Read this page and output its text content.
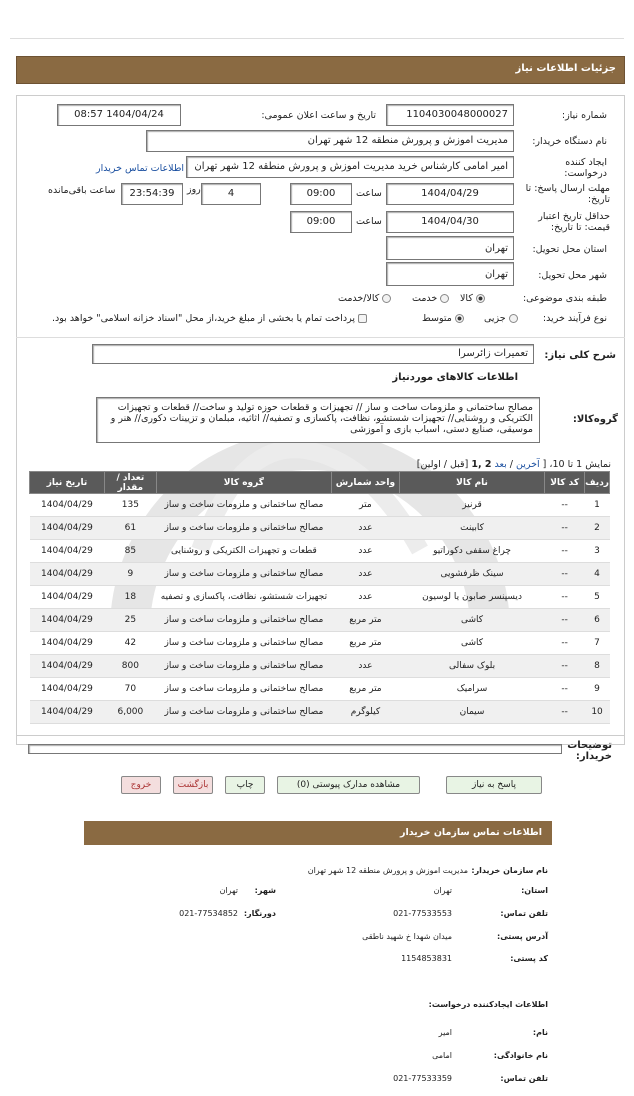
جزئیات اطلاعات نیاز
شماره نیاز:
1104030048000027
تاریخ و ساعت اعلان عمومی:
1404/04/24 08:57
نام دستگاه خریدار:
مدیریت اموزش و پرورش منطقه 12 شهر تهران
ایجاد کننده درخواست:
امیر امامی کارشناس خرید مدیریت اموزش و پرورش منطقه 12 شهر تهران
اطلاعات تماس خریدار
مهلت ارسال پاسخ: تا تاریخ:
1404/04/29
ساعت
09:00
4
روز
23:54:39
ساعت باقی‌مانده
حداقل تاریخ اعتبار قیمت: تا تاریخ:
1404/04/30
ساعت
09:00
استان محل تحویل:
تهران
شهر محل تحویل:
تهران
طبقه بندی موضوعی:
کالا
خدمت
کالا/خدمت
نوع فرآیند خرید:
جزیی
متوسط
پرداخت تمام یا بخشی از مبلغ خرید،از محل "اسناد خزانه اسلامی" خواهد بود.
شرح کلی نیاز:
تعمیرات زائرسرا
اطلاعات کالاهای موردنیاز
گروه‌کالا:
مصالح ساختمانی و ملزومات ساخت و ساز // تجهیزات و قطعات حوزه تولید و ساخت// قطعات و تجهیزات الکتریکی و روشنایی// تجهیزات شستشو، نظافت، پاکسازی و تصفیه// اثاثیه، مبلمان و تزیینات دکوری// هنر و موسیقی، صنایع دستی، اسباب بازی و آموزشی
نمایش 1 تا 10، [ آخرین / بعد 2 ,1 [قبل / اولین]
ردیف	کد کالا	نام کالا	واحد شمارش	گروه کالا	تعداد / مقدار	تاریخ نیاز
1	--	قرنیز	متر	مصالح ساختمانی و ملزومات ساخت و ساز	135	1404/04/29
2	--	کابینت	عدد	مصالح ساختمانی و ملزومات ساخت و ساز	61	1404/04/29
3	--	چراغ سقفی دکوراتیو	عدد	قطعات و تجهیزات الکتریکی و روشنایی	85	1404/04/29
4	--	سینک ظرفشویی	عدد	مصالح ساختمانی و ملزومات ساخت و ساز	9	1404/04/29
5	--	دیسپنسر صابون یا لوسیون	عدد	تجهیزات شستشو، نظافت، پاکسازی و تصفیه	18	1404/04/29
6	--	کاشی	متر مربع	مصالح ساختمانی و ملزومات ساخت و ساز	25	1404/04/29
7	--	کاشی	متر مربع	مصالح ساختمانی و ملزومات ساخت و ساز	42	1404/04/29
8	--	بلوک سفالی	عدد	مصالح ساختمانی و ملزومات ساخت و ساز	800	1404/04/29
9	--	سرامیک	متر مربع	مصالح ساختمانی و ملزومات ساخت و ساز	70	1404/04/29
10	--	سیمان	کیلوگرم	مصالح ساختمانی و ملزومات ساخت و ساز	6,000	1404/04/29
توضیحات خریدار:
پاسخ به نیاز
مشاهده مدارک پیوستی (0)
چاپ
بازگشت
خروج
اطلاعات تماس سازمان خریدار
نام سازمان خریدار:
مدیریت اموزش و پرورش منطقه 12 شهر تهران
استان:
تهران
شهر:
تهران
تلفن تماس:
021-77533553
دورنگار:
021-77534852
آدرس پستی:
میدان شهدا خ شهید ناطقی
کد پستی:
1154853831
اطلاعات ایجادکننده درخواست:
نام:
امیر
نام خانوادگی:
امامی
تلفن تماس:
021-77533359
